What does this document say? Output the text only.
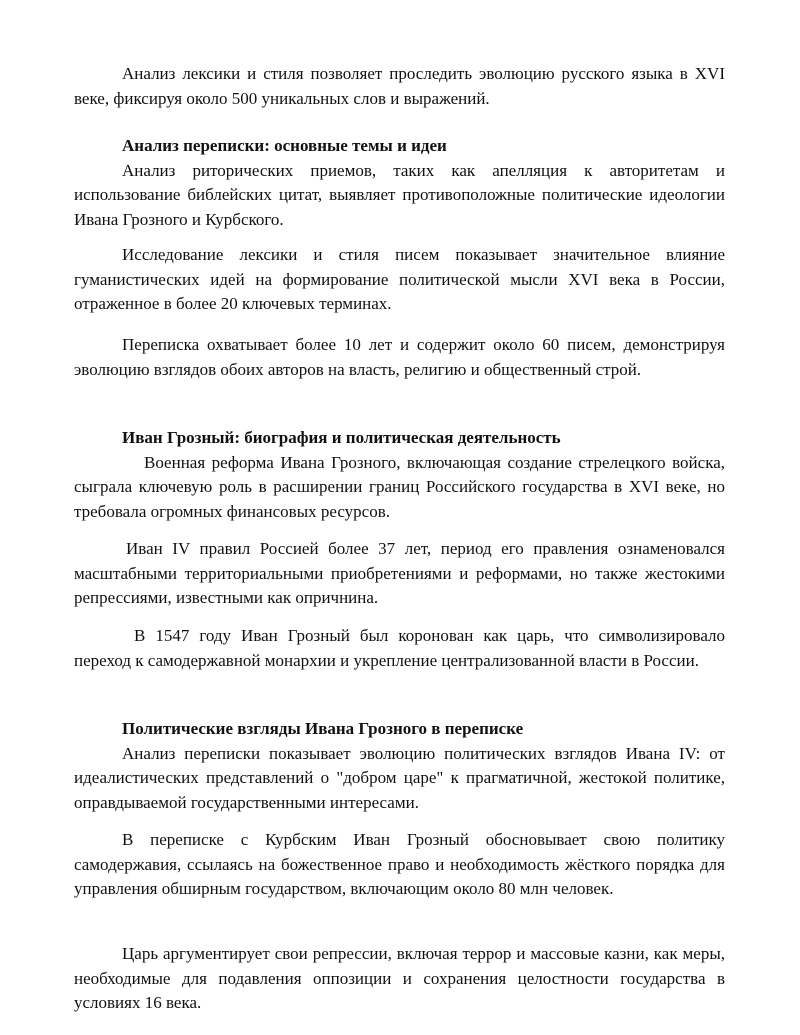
Анализ лексики и стиля позволяет проследить эволюцию русского языка в XVI веке, фиксируя около 500 уникальных слов и выражений.

Анализ переписки: основные темы и идеи

Анализ риторических приемов, таких как апелляция к авторитетам и использование библейских цитат, выявляет противоположные политические идеологии Ивана Грозного и Курбского.

Исследование лексики и стиля писем показывает значительное влияние гуманистических идей на формирование политической мысли XVI века в России, отраженное в более 20 ключевых терминах.

Переписка охватывает более 10 лет и содержит около 60 писем, демонстрируя эволюцию взглядов обоих авторов на власть, религию и общественный строй.

Иван Грозный: биография и политическая деятельность

Военная реформа Ивана Грозного, включающая создание стрелецкого войска, сыграла ключевую роль в расширении границ Российского государства в XVI веке, но требовала огромных финансовых ресурсов.

Иван IV правил Россией более 37 лет, период его правления ознаменовался масштабными территориальными приобретениями и реформами, но также жестокими репрессиями, известными как опричнина.

В 1547 году Иван Грозный был коронован как царь, что символизировало переход к самодержавной монархии и укрепление централизованной власти в России.

Политические взгляды Ивана Грозного в переписке

Анализ переписки показывает эволюцию политических взглядов Ивана IV: от идеалистических представлений о "добром царе" к прагматичной, жестокой политике, оправдываемой государственными интересами.

В переписке с Курбским Иван Грозный обосновывает свою политику самодержавия, ссылаясь на божественное право и необходимость жёсткого порядка для управления обширным государством, включающим около 80 млн человек.

Царь аргументирует свои репрессии, включая террор и массовые казни, как меры, необходимые для подавления оппозиции и сохранения целостности государства в условиях 16 века.
